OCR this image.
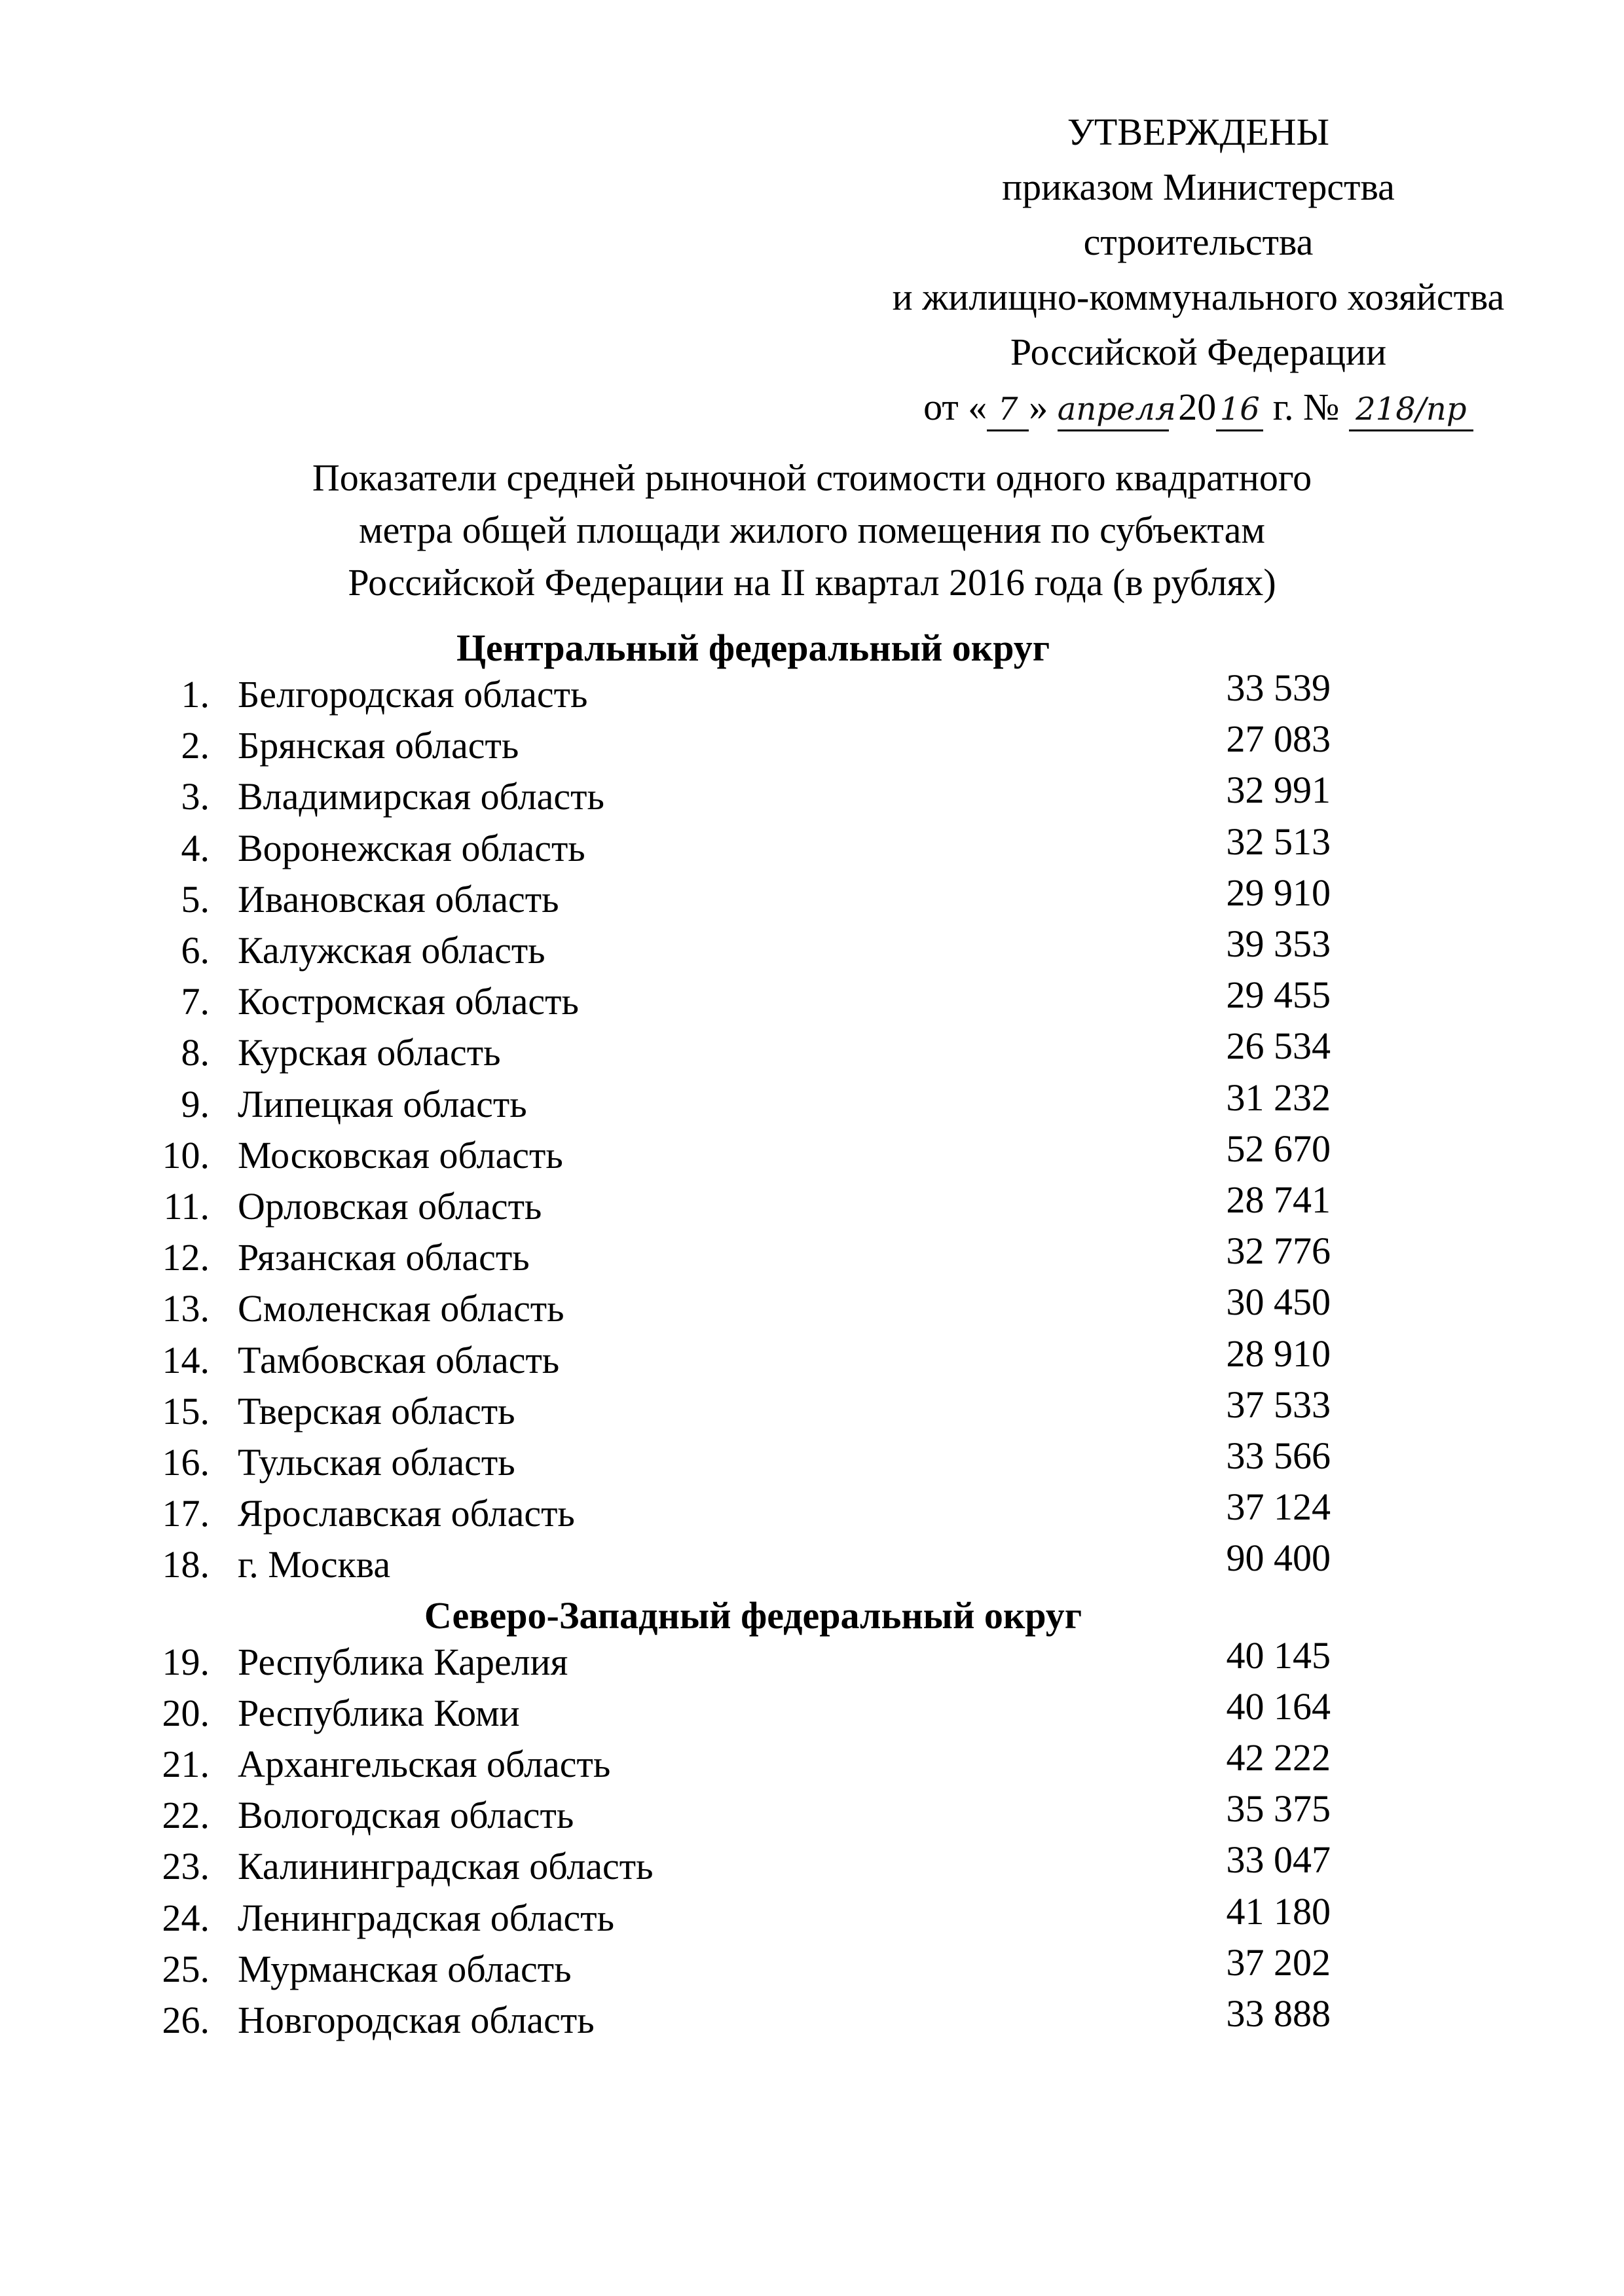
УТВЕРЖДЕНЫ
приказом Министерства
строительства
и жилищно-коммунального хозяйства
Российской Федерации
от « 7 » апреля 20 16 г. № 218/пр
Показатели средней рыночной стоимости одного квадратного
метра общей площади жилого помещения по субъектам
Российской Федерации на II квартал 2016 года (в рублях)
Центральный федеральный округ
1. Белгородская область	33 539
2. Брянская область	27 083
3. Владимирская область	32 991
4. Воронежская область	32 513
5. Ивановская область	29 910
6. Калужская область	39 353
7. Костромская область	29 455
8. Курская область	26 534
9. Липецкая область	31 232
10. Московская область	52 670
11. Орловская область	28 741
12. Рязанская область	32 776
13. Смоленская область	30 450
14. Тамбовская область	28 910
15. Тверская область	37 533
16. Тульская область	33 566
17. Ярославская область	37 124
18. г. Москва	90 400
Северо-Западный федеральный округ
19. Республика Карелия	40 145
20. Республика Коми	40 164
21. Архангельская область	42 222
22. Вологодская область	35 375
23. Калининградская область	33 047
24. Ленинградская область	41 180
25. Мурманская область	37 202
26. Новгородская область	33 888
